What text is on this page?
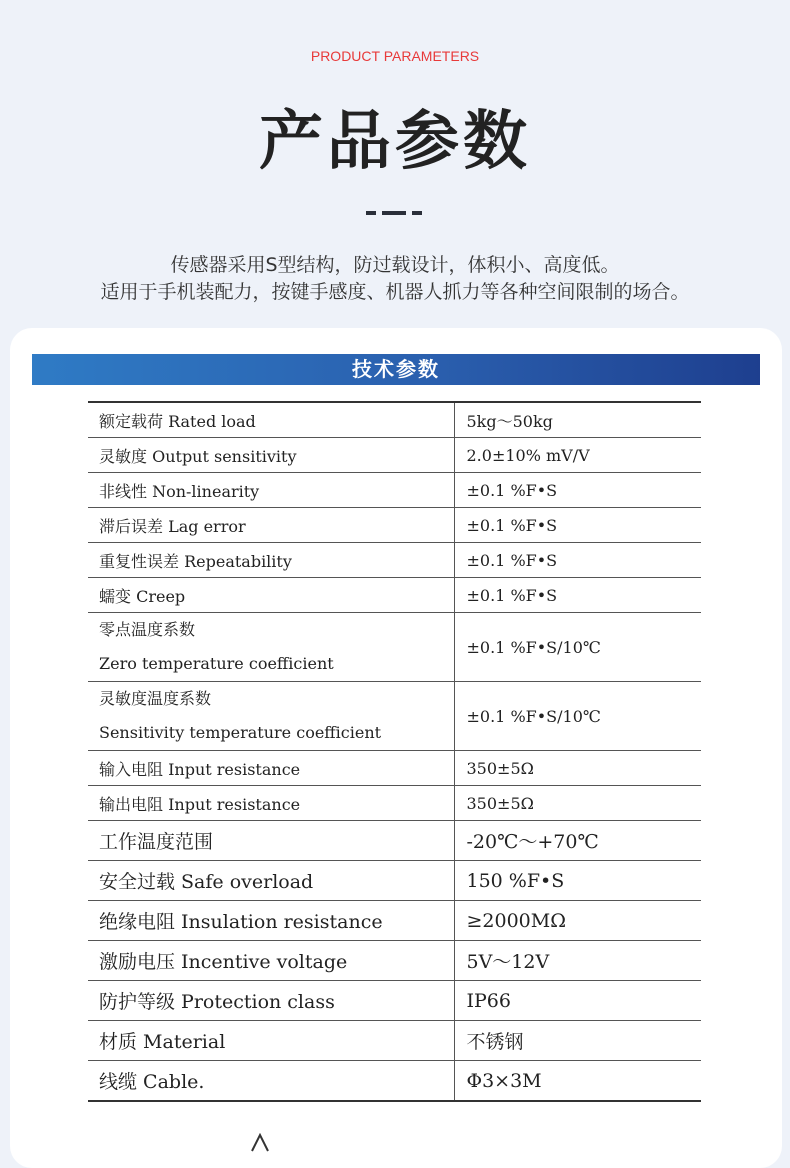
PRODUCT PARAMETERS
产品参数
传感器采用S型结构，防过载设计，体积小、高度低。
适用于手机装配力，按键手感度、机器人抓力等各种空间限制的场合。
技术参数
额定载荷 Rated load	5kg～50kg
灵敏度 Output sensitivity	2.0±10% mV/V
非线性 Non-linearity	±0.1 %F•S
滞后误差 Lag error	±0.1 %F•S
重复性误差 Repeatability	±0.1 %F•S
蠕变 Creep	±0.1 %F•S

零点温度系数
Zero temperature coefficient	±0.1 %F•S/10℃

灵敏度温度系数
Sensitivity temperature coefficient	±0.1 %F•S/10℃
输入电阻 Input resistance	350±5Ω
输出电阻 Input resistance	350±5Ω
工作温度范围	-20℃～+70℃
安全过载 Safe overload	150 %F•S
绝缘电阻 Insulation resistance	≥2000MΩ
激励电压 Incentive voltage	5V～12V
防护等级 Protection class	IP66
材质 Material	不锈钢
线缆 Cable.	Φ3×3M
